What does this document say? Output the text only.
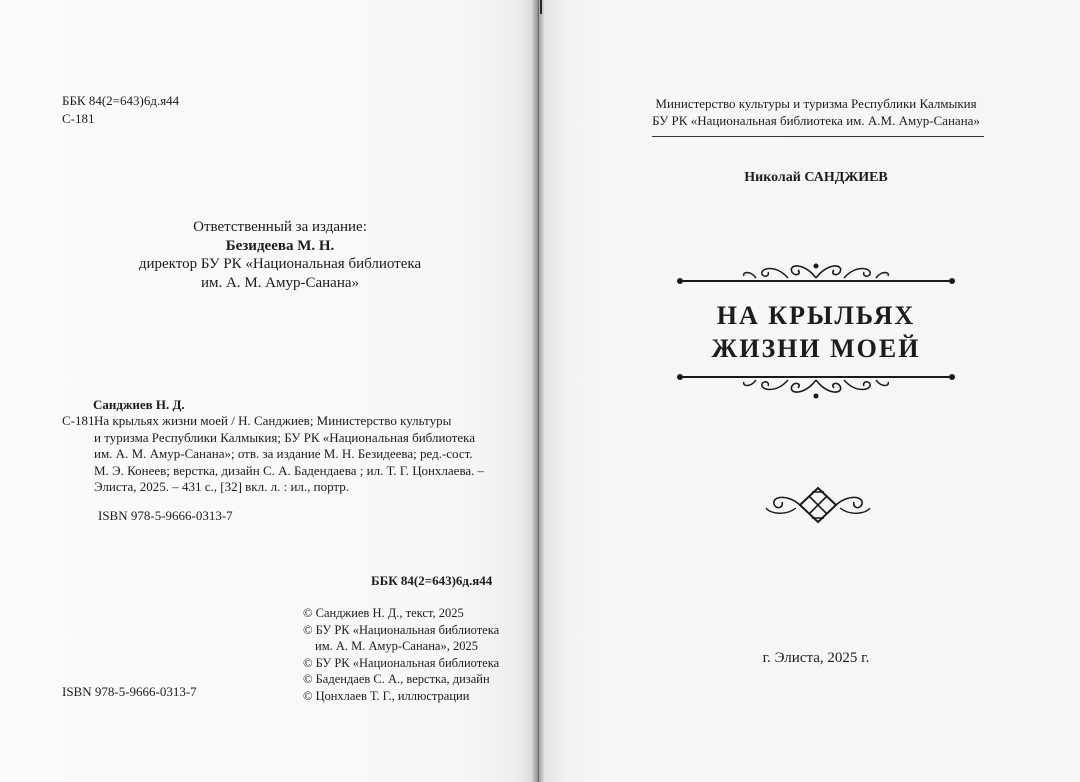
ББК 84(2=643)6д.я44
С-181
Ответственный за издание:
Безидеева М. Н.
директор БУ РК «Национальная библиотека
им. А. М. Амур-Санана»
Санджиев Н. Д.
С-181 На крыльях жизни моей / Н. Санджиев; Министерство культуры
и туризма Республики Калмыкия; БУ РК «Национальная библиотека
им. А. М. Амур-Санана»; отв. за издание М. Н. Безидеева; ред.-сост.
М. Э. Конеев; верстка, дизайн С. А. Бадендаева ; ил. Т. Г. Цонхлаева. –
Элиста, 2025. – 431 с., [32] вкл. л. : ил., портр.
ISBN 978-5-9666-0313-7
ББК 84(2=643)6д.я44
© Санджиев Н. Д., текст, 2025
© БУ РК «Национальная библиотека
им. А. М. Амур-Санана», 2025
© БУ РК «Национальная библиотека
© Бадендаев С. А., верстка, дизайн
© Цонхлаев Т. Г., иллюстрации
ISBN 978-5-9666-0313-7
Министерство культуры и туризма Республики Калмыкия
БУ РК «Национальная библиотека им. А.М. Амур-Санана»
Николай САНДЖИЕВ
НА КРЫЛЬЯХ
ЖИЗНИ МОЕЙ
г. Элиста, 2025 г.
